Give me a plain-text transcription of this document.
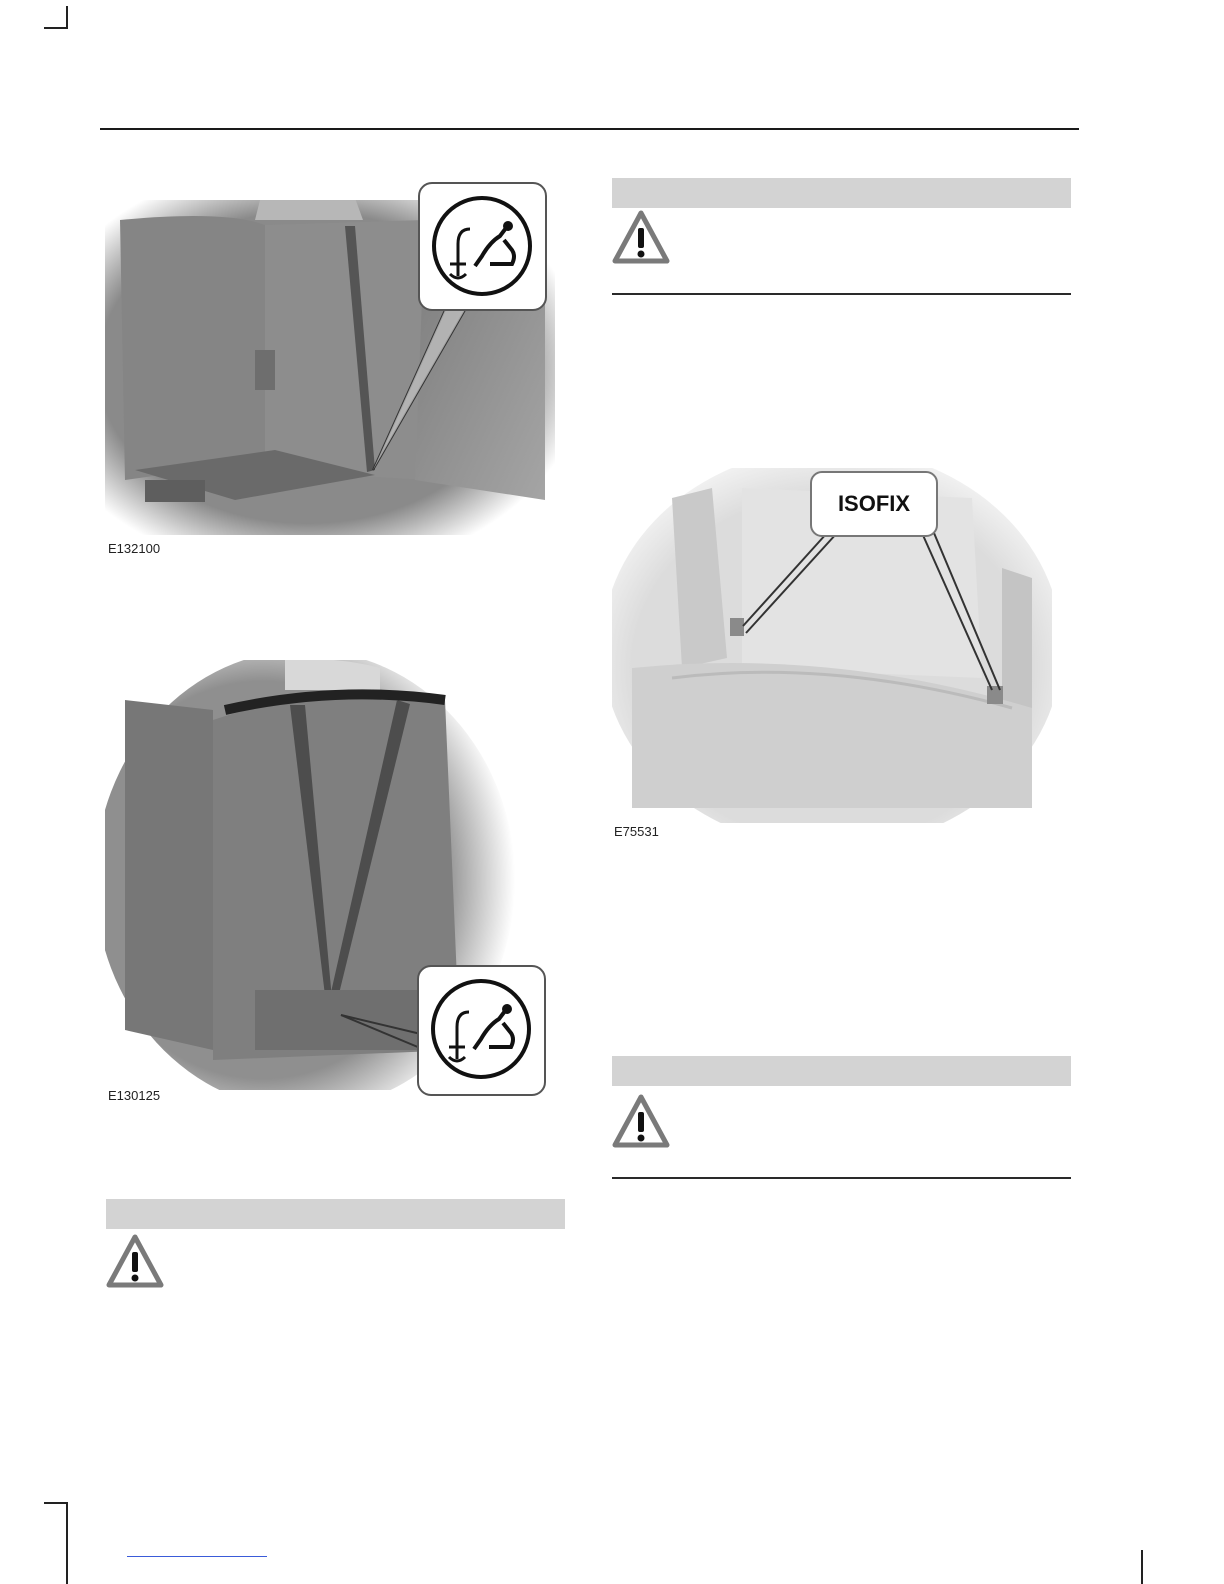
E132100
E130125
ISOFIX
E75531
